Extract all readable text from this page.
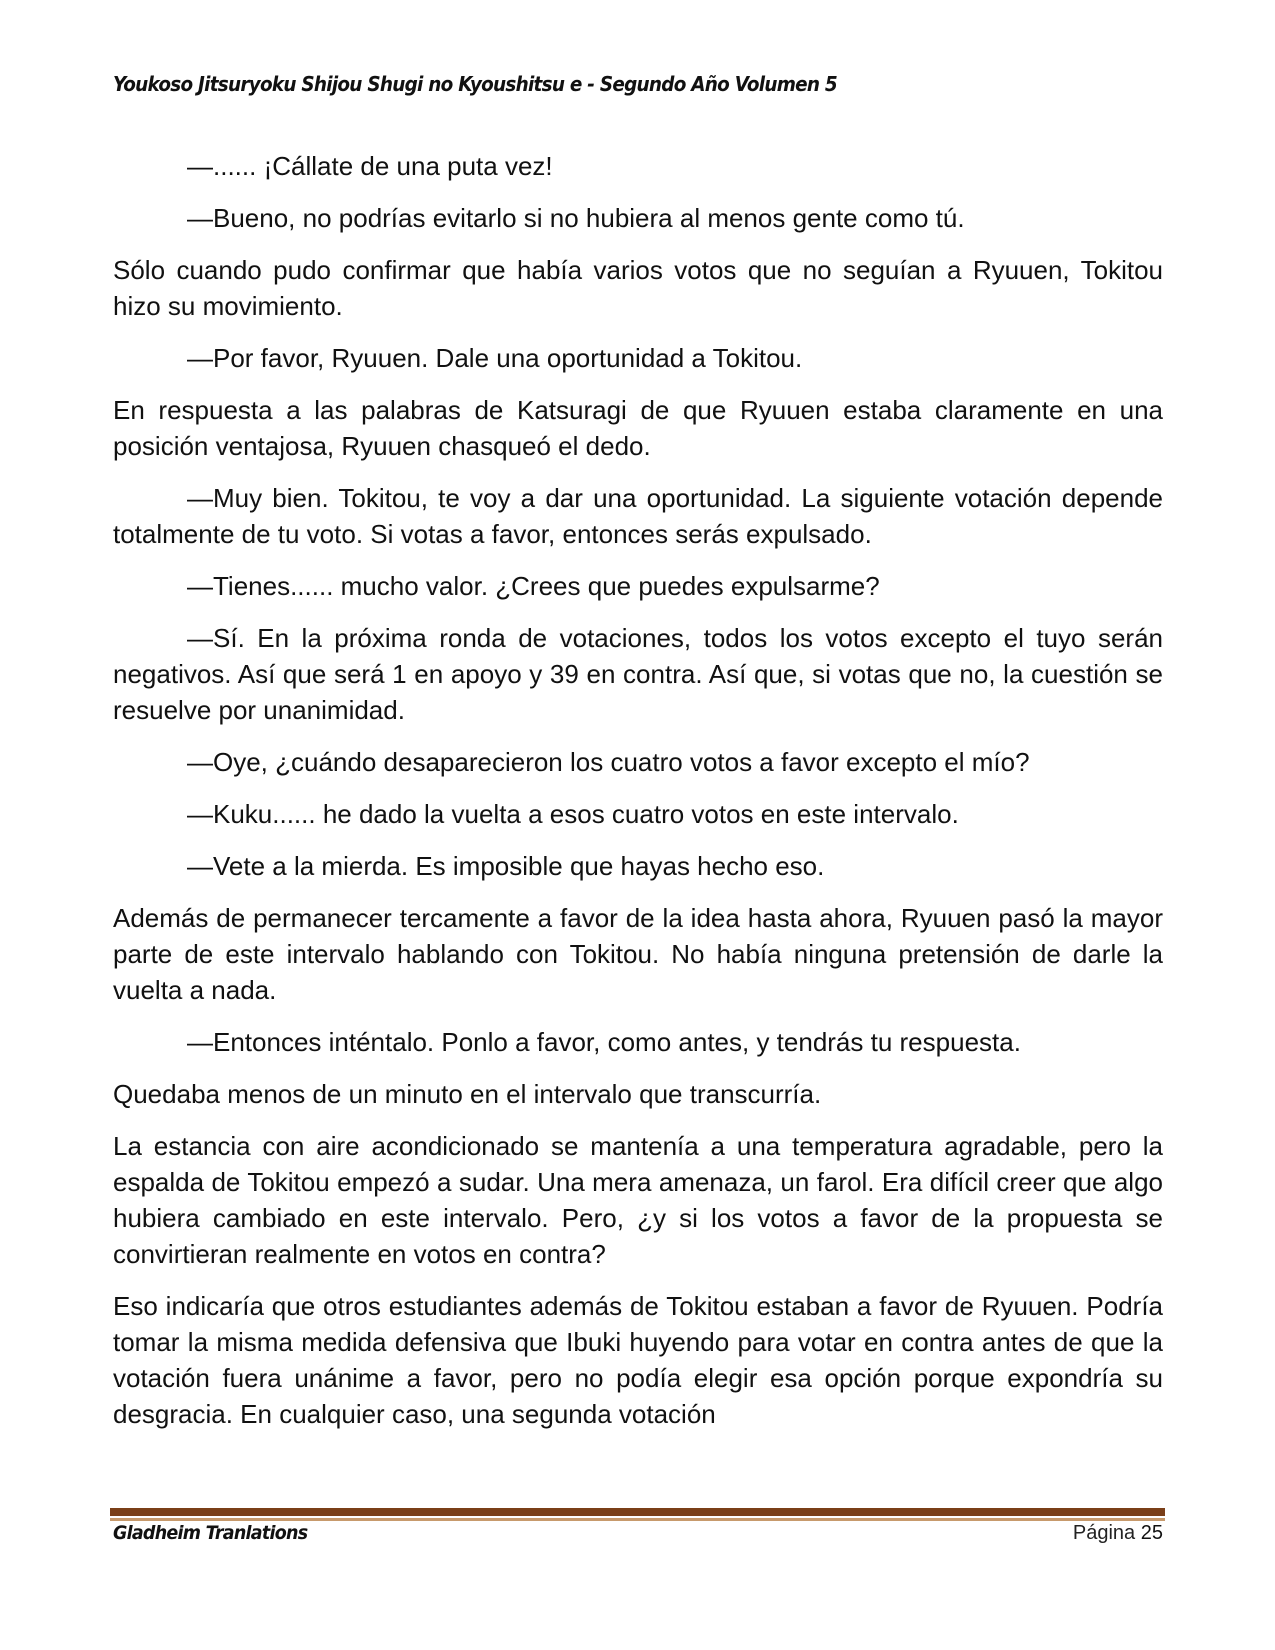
Youkoso Jitsuryoku Shijou Shugi no Kyoushitsu e - Segundo Año Volumen 5

—...... ¡Cállate de una puta vez!

—Bueno, no podrías evitarlo si no hubiera al menos gente como tú.

Sólo cuando pudo confirmar que había varios votos que no seguían a Ryuuen, Tokitou hizo su movimiento.

—Por favor, Ryuuen. Dale una oportunidad a Tokitou.

En respuesta a las palabras de Katsuragi de que Ryuuen estaba claramente en una posición ventajosa, Ryuuen chasqueó el dedo.

—Muy bien. Tokitou, te voy a dar una oportunidad. La siguiente votación depende totalmente de tu voto. Si votas a favor, entonces serás expulsado.

—Tienes...... mucho valor. ¿Crees que puedes expulsarme?

—Sí. En la próxima ronda de votaciones, todos los votos excepto el tuyo serán negativos. Así que será 1 en apoyo y 39 en contra. Así que, si votas que no, la cuestión se resuelve por unanimidad.

—Oye, ¿cuándo desaparecieron los cuatro votos a favor excepto el mío?

—Kuku...... he dado la vuelta a esos cuatro votos en este intervalo.

—Vete a la mierda. Es imposible que hayas hecho eso.

Además de permanecer tercamente a favor de la idea hasta ahora, Ryuuen pasó la mayor parte de este intervalo hablando con Tokitou. No había ninguna pretensión de darle la vuelta a nada.

—Entonces inténtalo. Ponlo a favor, como antes, y tendrás tu respuesta.

Quedaba menos de un minuto en el intervalo que transcurría.

La estancia con aire acondicionado se mantenía a una temperatura agradable, pero la espalda de Tokitou empezó a sudar. Una mera amenaza, un farol. Era difícil creer que algo hubiera cambiado en este intervalo. Pero, ¿y si los votos a favor de la propuesta se convirtieran realmente en votos en contra?

Eso indicaría que otros estudiantes además de Tokitou estaban a favor de Ryuuen. Podría tomar la misma medida defensiva que Ibuki huyendo para votar en contra antes de que la votación fuera unánime a favor, pero no podía elegir esa opción porque expondría su desgracia. En cualquier caso, una segunda votación

Gladheim Tranlations	Página 25
